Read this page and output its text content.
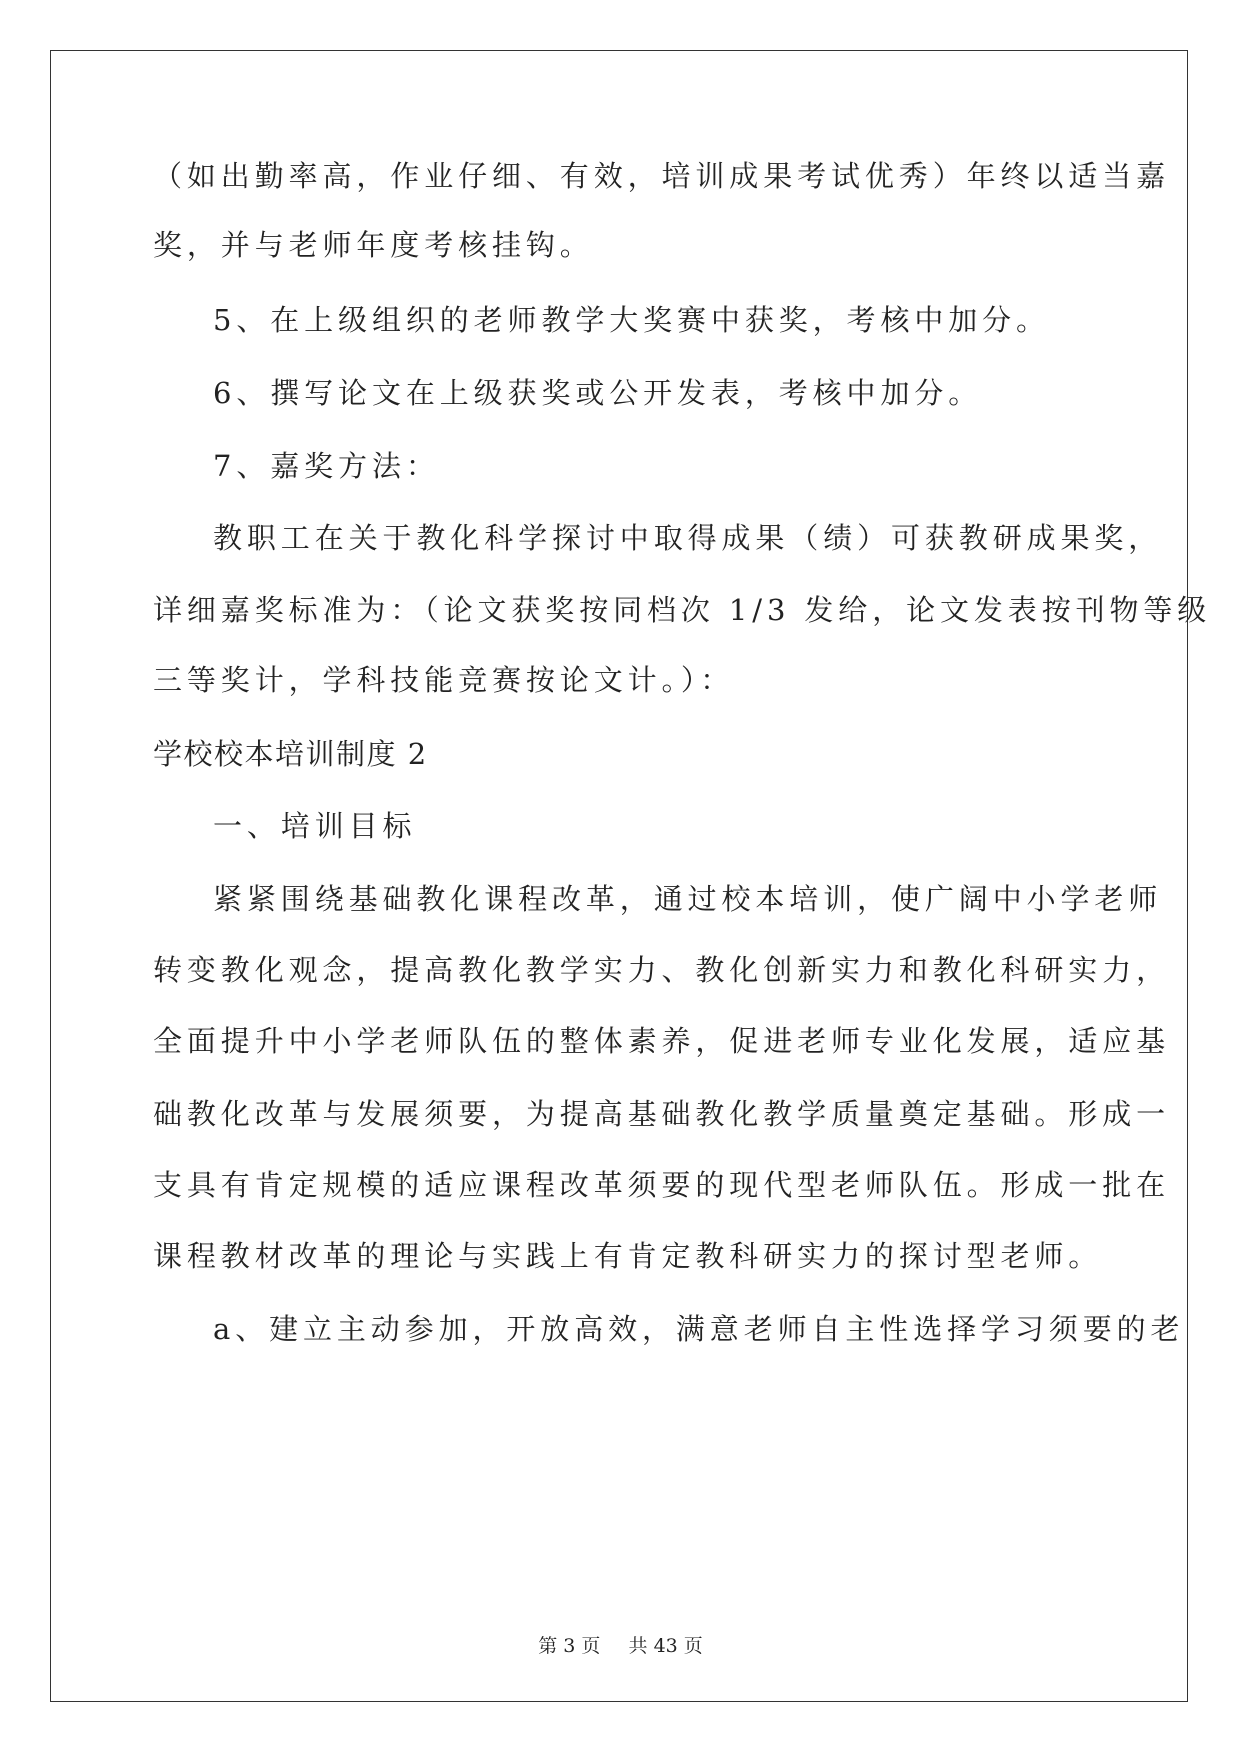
（如出勤率高，作业仔细、有效，培训成果考试优秀）年终以适当嘉
奖，并与老师年度考核挂钩。
5、在上级组织的老师教学大奖赛中获奖，考核中加分。
6、撰写论文在上级获奖或公开发表，考核中加分。
7、嘉奖方法：
教职工在关于教化科学探讨中取得成果（绩）可获教研成果奖，
详细嘉奖标准为：（论文获奖按同档次 1/3 发给，论文发表按刊物等级
三等奖计，学科技能竞赛按论文计。）：
学校校本培训制度 2
一、培训目标
紧紧围绕基础教化课程改革，通过校本培训，使广阔中小学老师
转变教化观念，提高教化教学实力、教化创新实力和教化科研实力，
全面提升中小学老师队伍的整体素养，促进老师专业化发展，适应基
础教化改革与发展须要，为提高基础教化教学质量奠定基础。形成一
支具有肯定规模的适应课程改革须要的现代型老师队伍。形成一批在
课程教材改革的理论与实践上有肯定教科研实力的探讨型老师。
a、建立主动参加，开放高效，满意老师自主性选择学习须要的老
第 3 页 共 43 页
